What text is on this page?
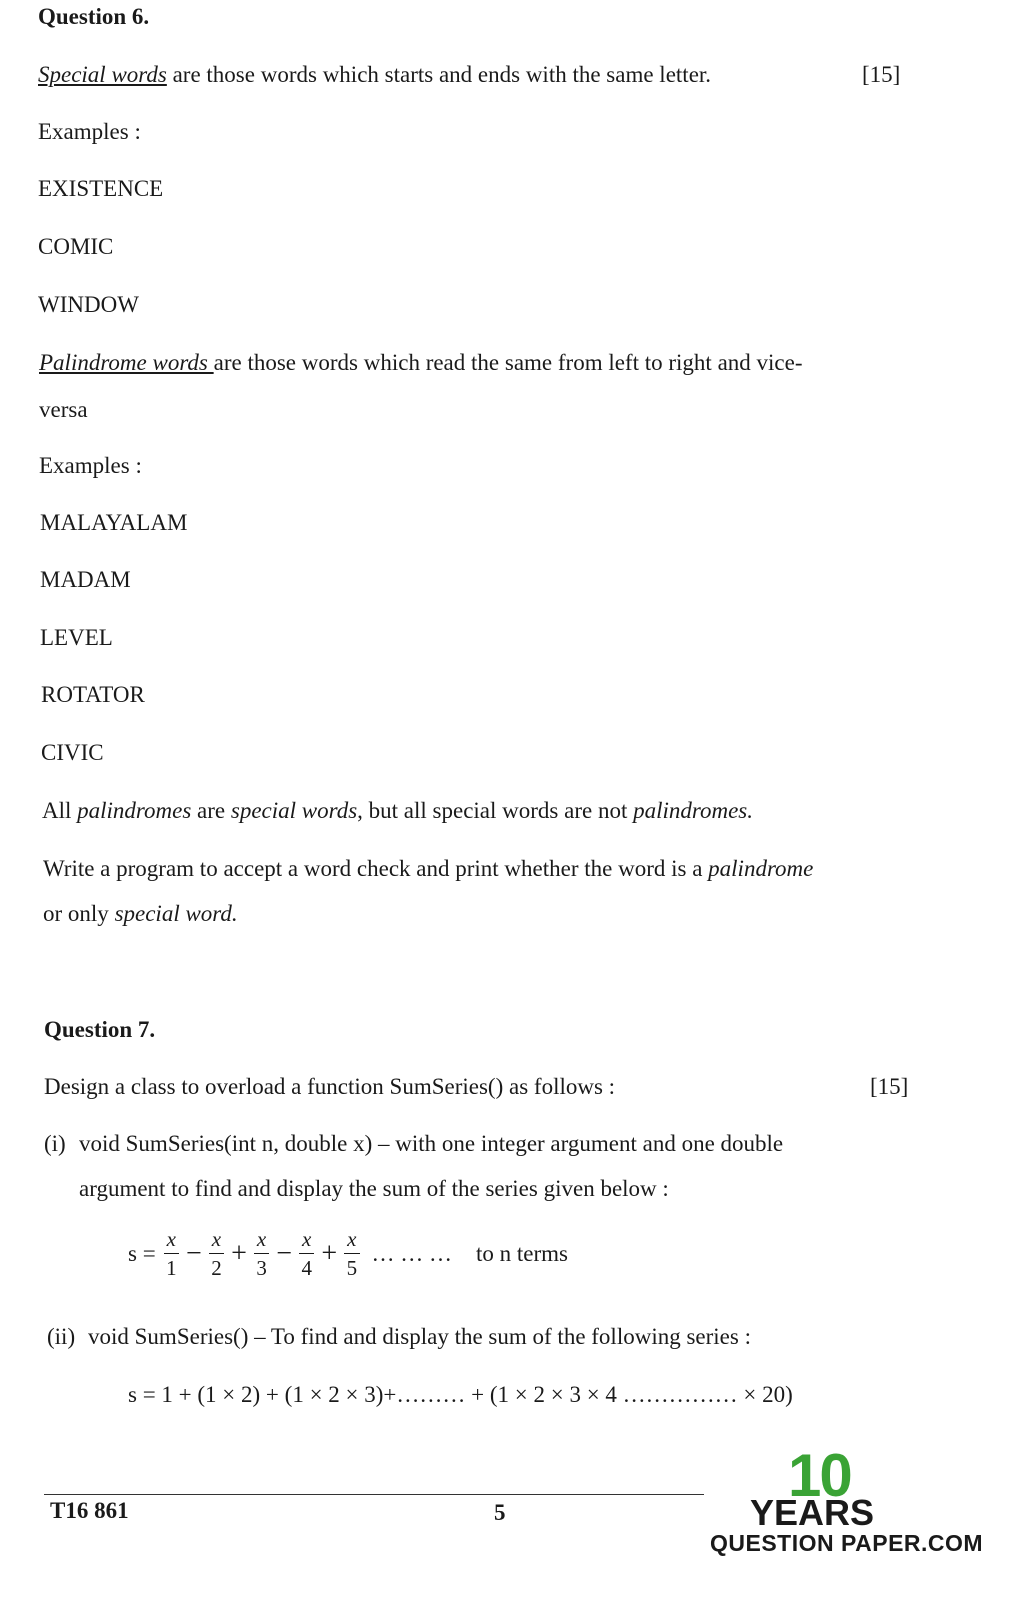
Question 6.
Special words are those words which starts and ends with the same letter.	[15]
Examples :
EXISTENCE
COMIC
WINDOW
Palindrome words are those words which read the same from left to right and vice-
versa
Examples :
MALAYALAM
MADAM
LEVEL
ROTATOR
CIVIC
All palindromes are special words, but all special words are not palindromes.
Write a program to accept a word check and print whether the word is a palindrome
or only special word.
Question 7.
Design a class to overload a function SumSeries() as follows :	[15]
(i) void SumSeries(int n, double x) – with one integer argument and one double
argument to find and display the sum of the series given below :
$s = \frac{x}{1} - \frac{x}{2} + \frac{x}{3} - \frac{x}{4} + \frac{x}{5}$ … … … to n terms
(ii) void SumSeries() – To find and display the sum of the following series :
s = 1 + (1 × 2) + (1 × 2 × 3)+……… + (1 × 2 × 3 × 4 …………… × 20)
T16 861	5
10
YEARS
QUESTION PAPER.COM
